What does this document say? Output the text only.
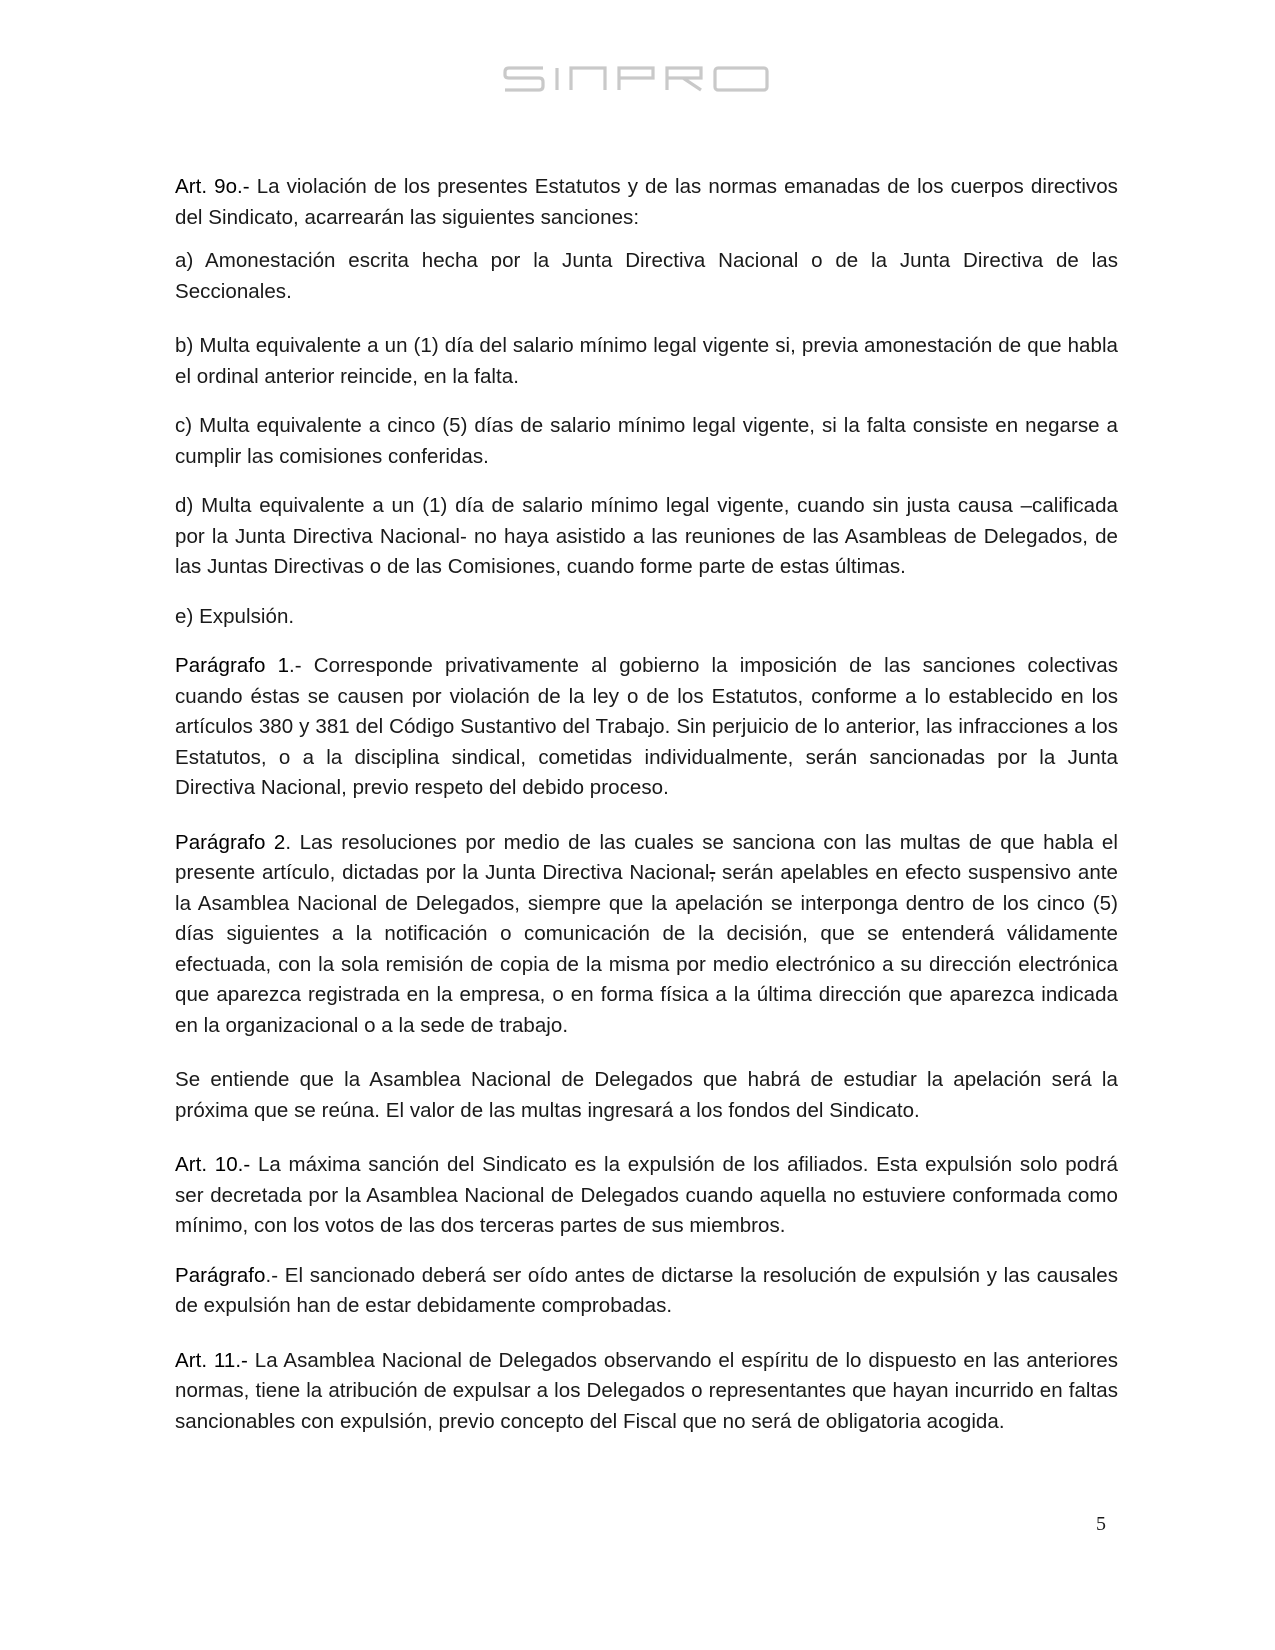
Art. 9o.- La violación de los presentes Estatutos y de las normas emanadas de los cuerpos directivos del Sindicato, acarrearán las siguientes sanciones:

a) Amonestación escrita hecha por la Junta Directiva Nacional o de la Junta Directiva de las Seccionales.

b) Multa equivalente a un (1) día del salario mínimo legal vigente si, previa amonestación de que habla el ordinal anterior reincide, en la falta.

c) Multa equivalente a cinco (5) días de salario mínimo legal vigente, si la falta consiste en negarse a cumplir las comisiones conferidas.

d) Multa equivalente a un (1) día de salario mínimo legal vigente, cuando sin justa causa –calificada por la Junta Directiva Nacional- no haya asistido a las reuniones de las Asambleas de Delegados, de las Juntas Directivas o de las Comisiones, cuando forme parte de estas últimas.

e) Expulsión.

Parágrafo 1.- Corresponde privativamente al gobierno la imposición de las sanciones colectivas cuando éstas se causen por violación de la ley o de los Estatutos, conforme a lo establecido en los artículos 380 y 381 del Código Sustantivo del Trabajo. Sin perjuicio de lo anterior, las infracciones a los Estatutos, o a la disciplina sindical, cometidas individualmente, serán sancionadas por la Junta Directiva Nacional, previo respeto del debido proceso.

Parágrafo 2. Las resoluciones por medio de las cuales se sanciona con las multas de que habla el presente artículo, dictadas por la Junta Directiva Nacional, serán apelables en efecto suspensivo ante la Asamblea Nacional de Delegados, siempre que la apelación se interponga dentro de los cinco (5) días siguientes a la notificación o comunicación de la decisión, que se entenderá válidamente efectuada, con la sola remisión de copia de la misma por medio electrónico a su dirección electrónica que aparezca registrada en la empresa, o en forma física a la última dirección que aparezca indicada en la organizacional o a la sede de trabajo.

Se entiende que la Asamblea Nacional de Delegados que habrá de estudiar la apelación será la próxima que se reúna. El valor de las multas ingresará a los fondos del Sindicato.

Art. 10.- La máxima sanción del Sindicato es la expulsión de los afiliados. Esta expulsión solo podrá ser decretada por la Asamblea Nacional de Delegados cuando aquella no estuviere conformada como mínimo, con los votos de las dos terceras partes de sus miembros.

Parágrafo.- El sancionado deberá ser oído antes de dictarse la resolución de expulsión y las causales de expulsión han de estar debidamente comprobadas.

Art. 11.- La Asamblea Nacional de Delegados observando el espíritu de lo dispuesto en las anteriores normas, tiene la atribución de expulsar a los Delegados o representantes que hayan incurrido en faltas sancionables con expulsión, previo concepto del Fiscal que no será de obligatoria acogida.

5
